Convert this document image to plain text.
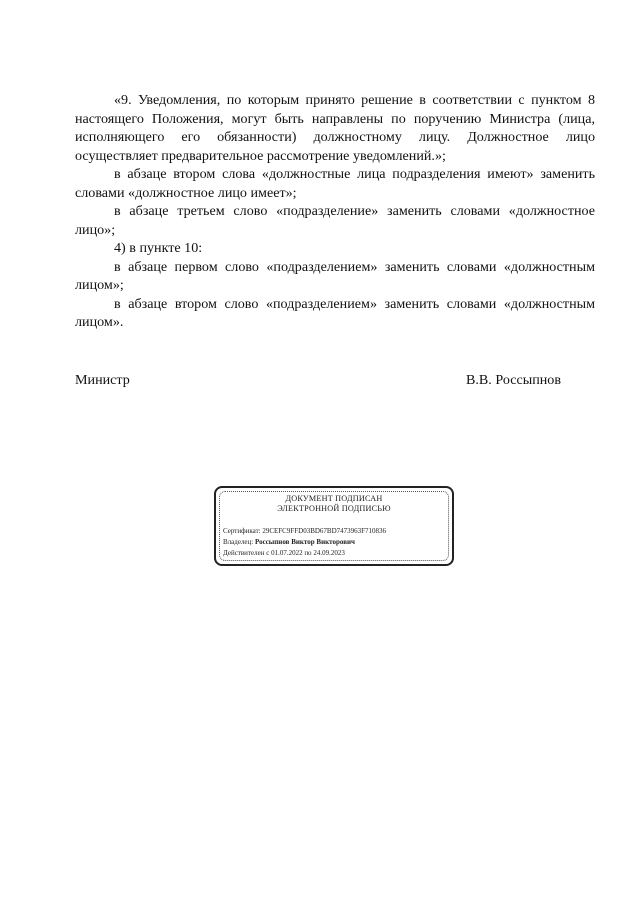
«9. Уведомления, по которым принято решение в соответствии с пунктом 8 настоящего Положения, могут быть направлены по поручению Министра (лица, исполняющего его обязанности) должностному лицу. Должностное лицо осуществляет предварительное рассмотрение уведомлений.»;

в абзаце втором слова «должностные лица подразделения имеют» заменить словами «должностное лицо имеет»;

в абзаце третьем слово «подразделение» заменить словами «должностное лицо»;

4) в пункте 10:

в абзаце первом слово «подразделением» заменить словами «должностным лицом»;

в абзаце втором слово «подразделением» заменить словами «должностным лицом».

Министр	В.В. Россыпнов
ДОКУМЕНТ ПОДПИСАН
ЭЛЕКТРОННОЙ ПОДПИСЬЮ
Сертификат: 29CEFC9FFD03BD67BD7473963F710836
Владелец: Россыпнов Виктор Викторович
Действителен с 01.07.2022 по 24.09.2023
